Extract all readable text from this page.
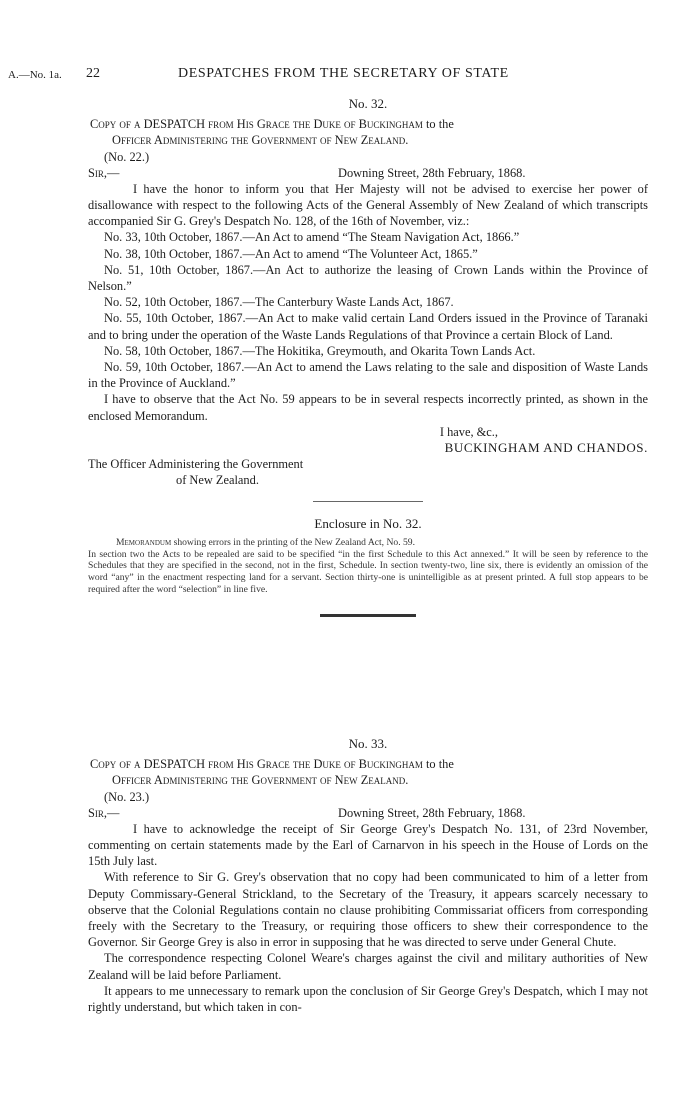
A.—No. 1a. 22	DESPATCHES FROM THE SECRETARY OF STATE
No. 32.
Copy of a DESPATCH from His Grace the Duke of Buckingham to the
Officer Administering the Government of New Zealand.
(No. 22.)
Sir,—	Downing Street, 28th February, 1868.
I have the honor to inform you that Her Majesty will not be advised to exercise her power of disallowance with respect to the following Acts of the General Assembly of New Zealand of which transcripts accompanied Sir G. Grey's Despatch No. 128, of the 16th of November, viz.:
No. 33, 10th October, 1867.—An Act to amend “The Steam Navigation Act, 1866.”
No. 38, 10th October, 1867.—An Act to amend “The Volunteer Act, 1865.”
No. 51, 10th October, 1867.—An Act to authorize the leasing of Crown Lands within the Province of Nelson.”
No. 52, 10th October, 1867.—The Canterbury Waste Lands Act, 1867.
No. 55, 10th October, 1867.—An Act to make valid certain Land Orders issued in the Province of Taranaki and to bring under the operation of the Waste Lands Regulations of that Province a certain Block of Land.
No. 58, 10th October, 1867.—The Hokitika, Greymouth, and Okarita Town Lands Act.
No. 59, 10th October, 1867.—An Act to amend the Laws relating to the sale and disposition of Waste Lands in the Province of Auckland.”
I have to observe that the Act No. 59 appears to be in several respects incorrectly printed, as shown in the enclosed Memorandum.
I have, &c.,
BUCKINGHAM AND CHANDOS.
The Officer Administering the Government
of New Zealand.
Enclosure in No. 32.
Memorandum showing errors in the printing of the New Zealand Act, No. 59.
In section two the Acts to be repealed are said to be specified “in the first Schedule to this Act annexed.” It will be seen by reference to the Schedules that they are specified in the second, not in the first, Schedule. In section twenty-two, line six, there is evidently an omission of the word “any” in the enactment respecting land for a servant. Section thirty-one is unintelligible as at present printed. A full stop appears to be required after the word “selection” in line five.
No. 33.
Copy of a DESPATCH from His Grace the Duke of Buckingham to the
Officer Administering the Government of New Zealand.
(No. 23.)
Sir,—	Downing Street, 28th February, 1868.
I have to acknowledge the receipt of Sir George Grey's Despatch No. 131, of 23rd November, commenting on certain statements made by the Earl of Carnarvon in his speech in the House of Lords on the 15th July last.
With reference to Sir G. Grey's observation that no copy had been communicated to him of a letter from Deputy Commissary-General Strickland, to the Secretary of the Treasury, it appears scarcely necessary to observe that the Colonial Regulations contain no clause prohibiting Commissariat officers from corresponding freely with the Secretary to the Treasury, or requiring those officers to shew their correspondence to the Governor. Sir George Grey is also in error in supposing that he was directed to serve under General Chute.
The correspondence respecting Colonel Weare's charges against the civil and military authorities of New Zealand will be laid before Parliament.
It appears to me unnecessary to remark upon the conclusion of Sir George Grey's Despatch, which I may not rightly understand, but which taken in con-
